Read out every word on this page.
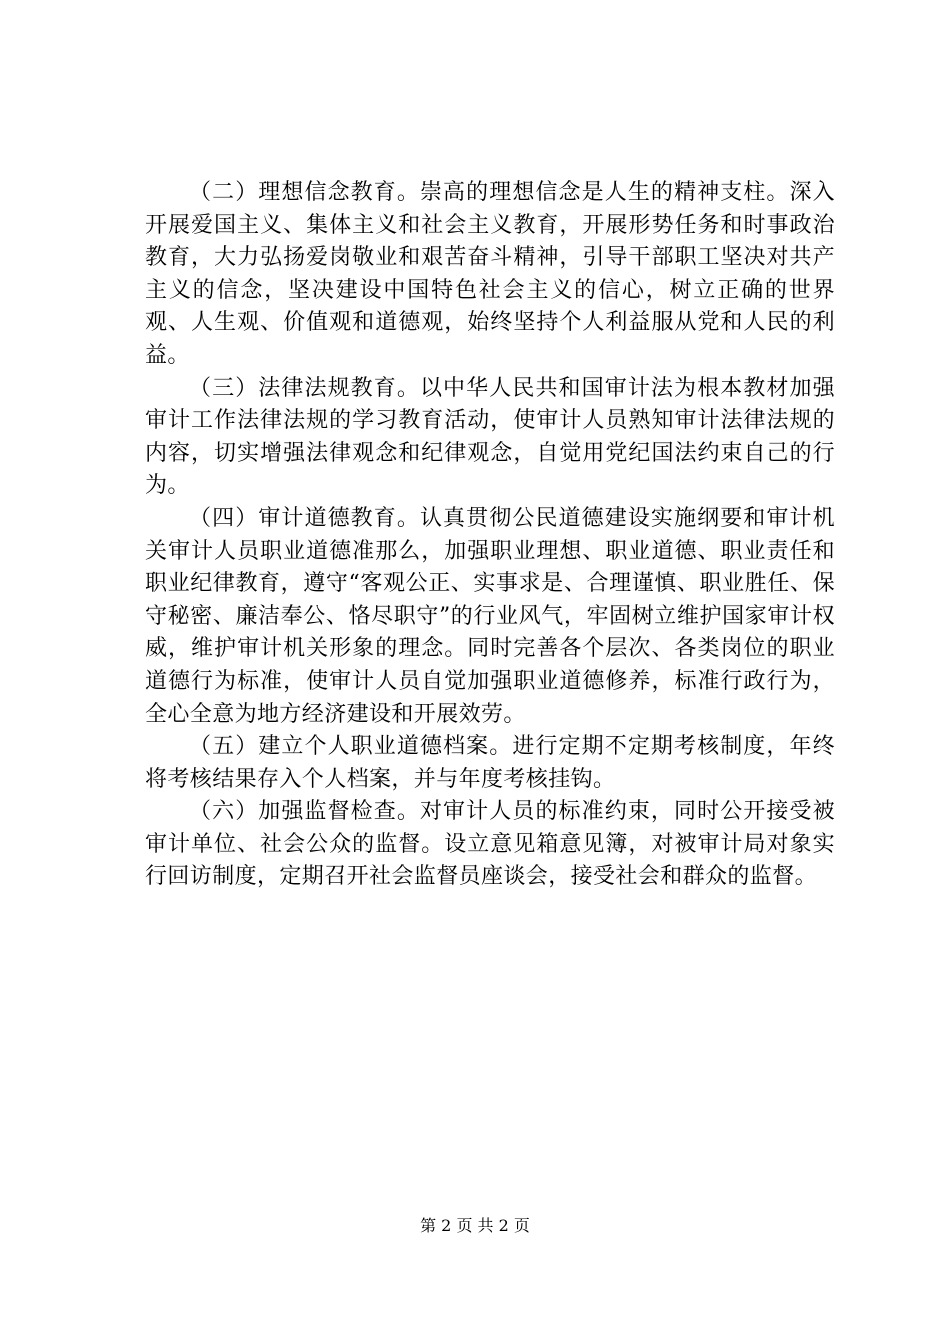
（二）理想信念教育。崇高的理想信念是人生的精神支柱。深入开展爱国主义、集体主义和社会主义教育，开展形势任务和时事政治教育，大力弘扬爱岗敬业和艰苦奋斗精神，引导干部职工坚决对共产主义的信念，坚决建设中国特色社会主义的信心，树立正确的世界观、人生观、价值观和道德观，始终坚持个人利益服从党和人民的利益。

（三）法律法规教育。以中华人民共和国审计法为根本教材加强审计工作法律法规的学习教育活动，使审计人员熟知审计法律法规的内容，切实增强法律观念和纪律观念，自觉用党纪国法约束自己的行为。

（四）审计道德教育。认真贯彻公民道德建设实施纲要和审计机关审计人员职业道德准那么，加强职业理想、职业道德、职业责任和职业纪律教育，遵守“客观公正、实事求是、合理谨慎、职业胜任、保守秘密、廉洁奉公、恪尽职守”的行业风气，牢固树立维护国家审计权威，维护审计机关形象的理念。同时完善各个层次、各类岗位的职业道德行为标准，使审计人员自觉加强职业道德修养，标准行政行为，全心全意为地方经济建设和开展效劳。

（五）建立个人职业道德档案。进行定期不定期考核制度，年终将考核结果存入个人档案，并与年度考核挂钩。

（六）加强监督检查。对审计人员的标准约束，同时公开接受被审计单位、社会公众的监督。设立意见箱意见簿，对被审计局对象实行回访制度，定期召开社会监督员座谈会，接受社会和群众的监督。

第 2 页 共 2 页
